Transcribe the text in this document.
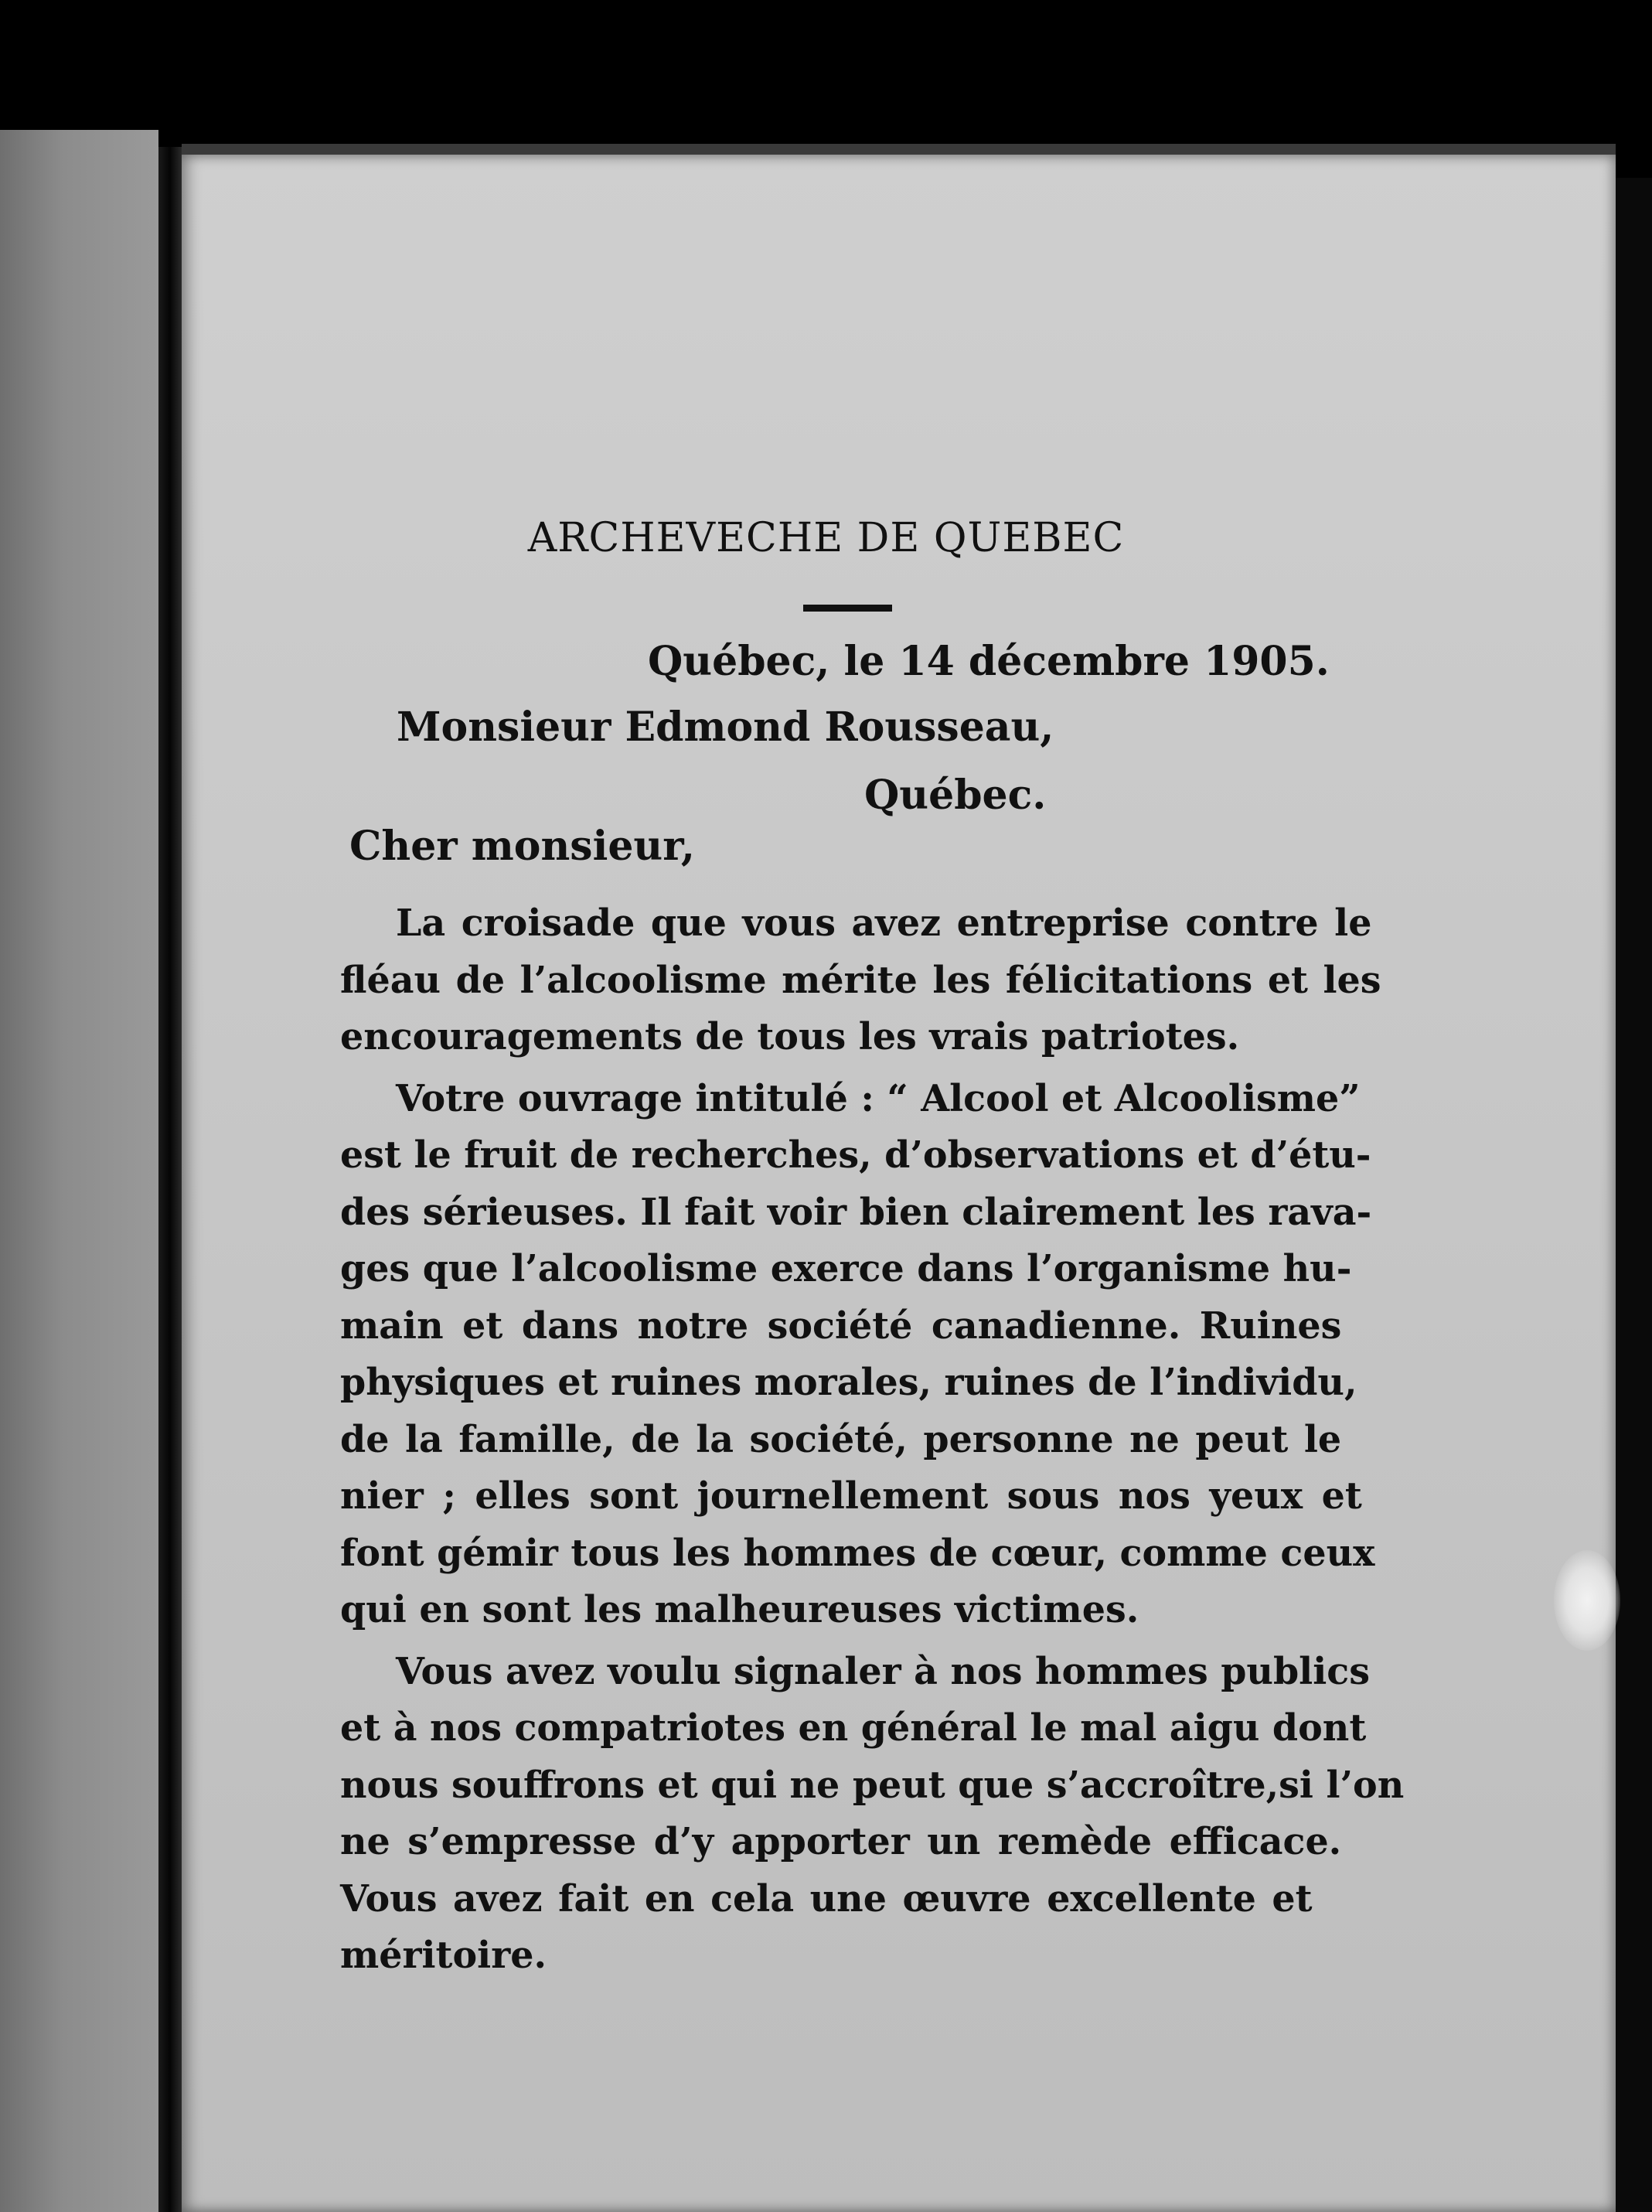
ARCHEVECHE DE QUEBEC
Québec, le 14 décembre 1905.
Monsieur Edmond Rousseau,
Québec.
Cher monsieur,
La croisade que vous avez entreprise contre le
fléau de l’alcoolisme mérite les félicitations et les
encouragements de tous les vrais patriotes.
Votre ouvrage intitulé : “ Alcool et Alcoolisme”
est le fruit de recherches, d’observations et d’étu-
des sérieuses. Il fait voir bien clairement les rava-
ges que l’alcoolisme exerce dans l’organisme hu-
main et dans notre société canadienne. Ruines
physiques et ruines morales, ruines de l’individu,
de la famille, de la société, personne ne peut le
nier ; elles sont journellement sous nos yeux et
font gémir tous les hommes de cœur, comme ceux
qui en sont les malheureuses victimes.
Vous avez voulu signaler à nos hommes publics
et à nos compatriotes en général le mal aigu dont
nous souffrons et qui ne peut que s’accroître,si l’on
ne s’empresse d’y apporter un remède efficace.
Vous avez fait en cela une œuvre excellente et
méritoire.
